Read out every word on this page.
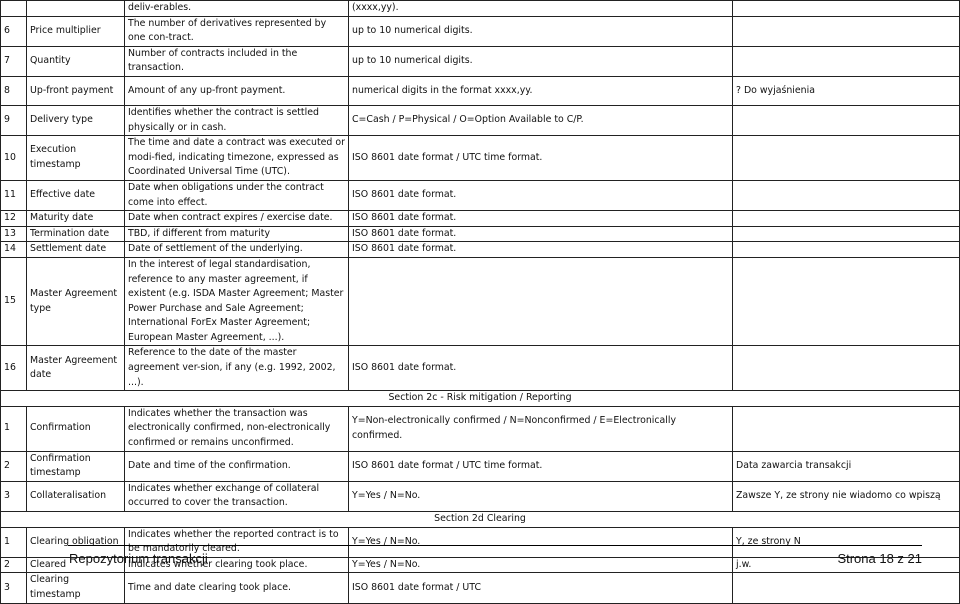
		deliv-erables.	(xxxx,yy).	
6	Price multiplier	The number of derivatives represented by one con-tract.	up to 10 numerical digits.	
7	Quantity	Number of contracts included in the transaction.	up to 10 numerical digits.	
8	Up-front payment	Amount of any up-front payment.	numerical digits in the format xxxx,yy.	? Do wyjaśnienia
9	Delivery type	Identifies whether the contract is settled physically or in cash.	C=Cash / P=Physical / O=Option Available to C/P.	
10	Execution timestamp	The time and date a contract was executed or modi-fied, indicating timezone, expressed as Coordinated Universal Time (UTC).	ISO 8601 date format / UTC time format.	
11	Effective date	Date when obligations under the contract come into effect.	ISO 8601 date format.	
12	Maturity date	Date when contract expires / exercise date.	ISO 8601 date format.	
13	Termination date	TBD, if different from maturity	ISO 8601 date format.	
14	Settlement date	Date of settlement of the underlying.	ISO 8601 date format.	
15	Master Agreement type	In the interest of legal standardisation, reference to any master agreement, if existent (e.g. ISDA Master Agreement; Master Power Purchase and Sale Agreement; International ForEx Master Agreement; European Master Agreement, ...).		
16	Master Agreement date	Reference to the date of the master agreement ver-sion, if any (e.g. 1992, 2002, ...).	ISO 8601 date format.	
Section 2c - Risk mitigation / Reporting				
1	Confirmation	Indicates whether the transaction was electronically confirmed, non-electronically confirmed or remains unconfirmed.	Y=Non-electronically confirmed / N=Nonconfirmed / E=Electronically confirmed.	
2	Confirmation timestamp	Date and time of the confirmation.	ISO 8601 date format / UTC time format.	Data zawarcia transakcji
3	Collateralisation	Indicates whether exchange of collateral occurred to cover the transaction.	Y=Yes / N=No.	Zawsze Y, ze strony nie wiadomo co wpiszą
Section 2d Clearing				
1	Clearing obligation	Indicates whether the reported contract is to be mandatorily cleared.	Y=Yes / N=No.	Y, ze strony N
2	Cleared	Indicates whether clearing took place.	Y=Yes / N=No.	j.w.
3	Clearing timestamp	Time and date clearing took place.	ISO 8601 date format / UTC	
Repozytorium transakcji	Strona 18 z 21
